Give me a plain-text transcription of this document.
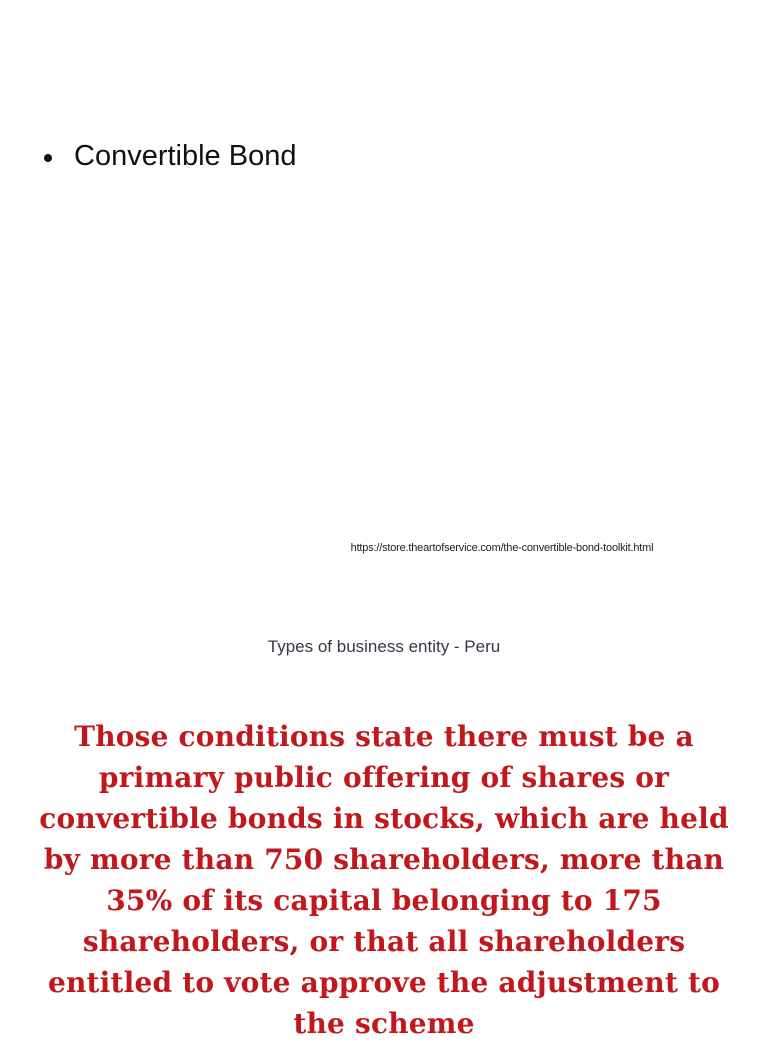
Convertible Bond
https://store.theartofservice.com/the-convertible-bond-toolkit.html
Types of business entity - Peru
Those conditions state there must be a primary public offering of shares or convertible bonds in stocks, which are held by more than 750 shareholders, more than 35% of its capital belonging to 175 shareholders, or that all shareholders entitled to vote approve the adjustment to the scheme
